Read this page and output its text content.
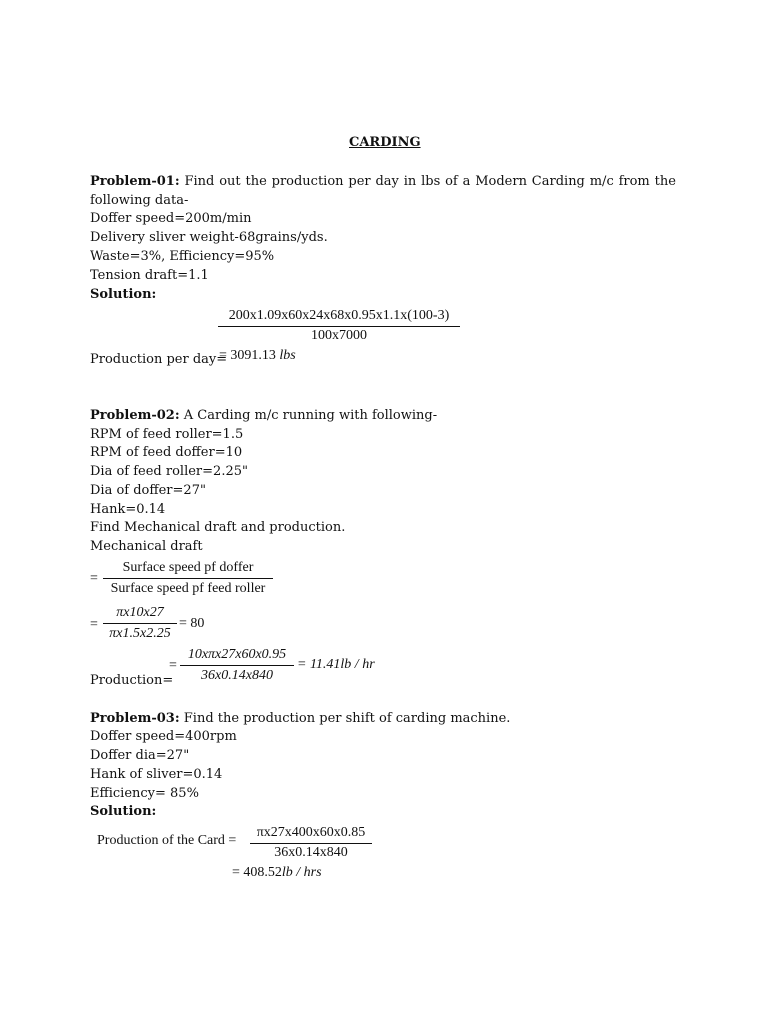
CARDING
Problem-01: Find out the production per day in lbs of a Modern Carding m/c from the
following data-
Doffer speed=200m/min
Delivery sliver weight-68grains/yds.
Waste=3%, Efficiency=95%
Tension draft=1.1
Solution:
200x1.09x60x24x68x0.95x1.1x(100-3)
100x7000
Production per day=
= 3091.13 lbs
Problem-02: A Carding m/c running with following-
RPM of feed roller=1.5
RPM of feed doffer=10
Dia of feed roller=2.25"
Dia of doffer=27"
Hank=0.14
Find Mechanical draft and production.
Mechanical draft
=
Surface speed pf doffer
Surface speed pf feed roller
=
πx10x27
πx1.5x2.25
= 80
=
10xπx27x60x0.95
36x0.14x840
= 11.41lb / hr
Production=
Problem-03: Find the production per shift of carding machine.
Doffer speed=400rpm
Doffer dia=27"
Hank of sliver=0.14
Efficiency= 85%
Solution:
Production of the Card =
πx27x400x60x0.85
36x0.14x840
= 408.52lb / hrs
